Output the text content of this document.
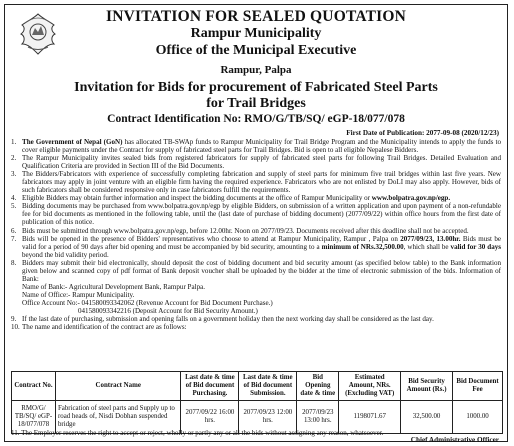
INVITATION FOR SEALED QUOTATION
Rampur Municipality
Office of the Municipal Executive
Rampur, Palpa
Invitation for Bids for procurement of Fabricated Steel Parts
for Trail Bridges
Contract Identification No: RMO/G/TB/SQ/ eGP-18/077/078
First Date of Publication: 2077-09-08 (2020/12/23)

1. The Government of Nepal (GoN) has allocated TB-SWAp funds to Rampur Municipality for Trail Bridge Program and the Municipality intends to apply the funds to cover eligible payments under the Contract for supply of fabricated steel parts for Trail Bridges. Bid is open to all eligible Nepalese Bidders.

2. The Rampur Municipality invites sealed bids from registered fabricators for supply of fabricated steel parts for following Trail Bridges. Detailed Evaluation and Qualification Criteria are provided in Section III of the Bid Documents.

3. The Bidders/Fabricators with experience of successfully completing fabrication and supply of steel parts for minimum five trail bridges within last five years. New fabricators may apply in joint venture with an eligible firm having the required experience. Fabricators who are not enlisted by DoLI may also apply. However, bids of such fabricators shall be considered responsive only in case fabricators fulfill the requirements.

4. Eligible Bidders may obtain further information and inspect the bidding documents at the office of Rampur Municipality or www.bolpatra.gov.np/egp.

5. Bidding documents may be purchased from www.bolpatra.gov.np/egp by eligible Bidders, on submission of a written application and upon payment of a non-refundable fee for bid documents as mentioned in the following table, until the (last date of purchase of bidding document) (2077/09/22) within office hours from the first date of publication of this notice.

6. Bids must be submitted through www.bolpatra.gov.np/egp, before 12.00hr. Noon on 2077/09/23. Documents received after this deadline shall not be accepted.

7. Bids will be opened in the presence of Bidders' representatives who choose to attend at Rampur Municipality, Rampur , Palpa on 2077/09/23, 13.00hr. Bids must be valid for a period of 90 days after bid opening and must be accompanied by bid security, amounting to a minimum of NRs.32,500.00, which shall be valid for 30 days beyond the bid validity period.

8. Bidders may submit their bid electronically, should deposit the cost of bidding document and bid security amount (as specified below table) to the Bank information given below and scanned copy of pdf format of Bank deposit voucher shall be uploaded by the bidder at the time of electronic submission of the bids. Information of Bank:

Name of Bank:- Agricultural Development Bank, Rampur Palpa.

Name of Office:- Rampur Municipality.

Office Account No:- 041580093342062 (Revenue Account for Bid Document Purchase.)

041580093342216 (Deposit Account for Bid Security Amount.)

9. If the last date of purchasing, submission and opening falls on a government holiday then the next working day shall be considered as the last day.

10. The name and identification of the contract are as follows:

Contract No.	Contract Name	Last date & time of Bid document Purchasing.	Last date & time of Bid document Submission.	Bid Opening date & time	Estimated Amount, NRs. (Excluding VAT)	Bid Security Amount (Rs.)	Bid Document Fee
RMO/G/ TB/SQ/ eGP-18/077/078	Fabrication of steel parts and Supply up to road heads of, Nisdi Dobhan suspended bridge	2077/09/22 16:00 hrs.	2077/09/23 12:00 hrs.	2077/09/23 13:00 hrs.	1198071.67	32,500.00	1000.00
11. The Employer reserves the right to accept or reject, wholly or partly any or all the bids without assigning any reason, whatsoever.
Chief Administrative Officer
